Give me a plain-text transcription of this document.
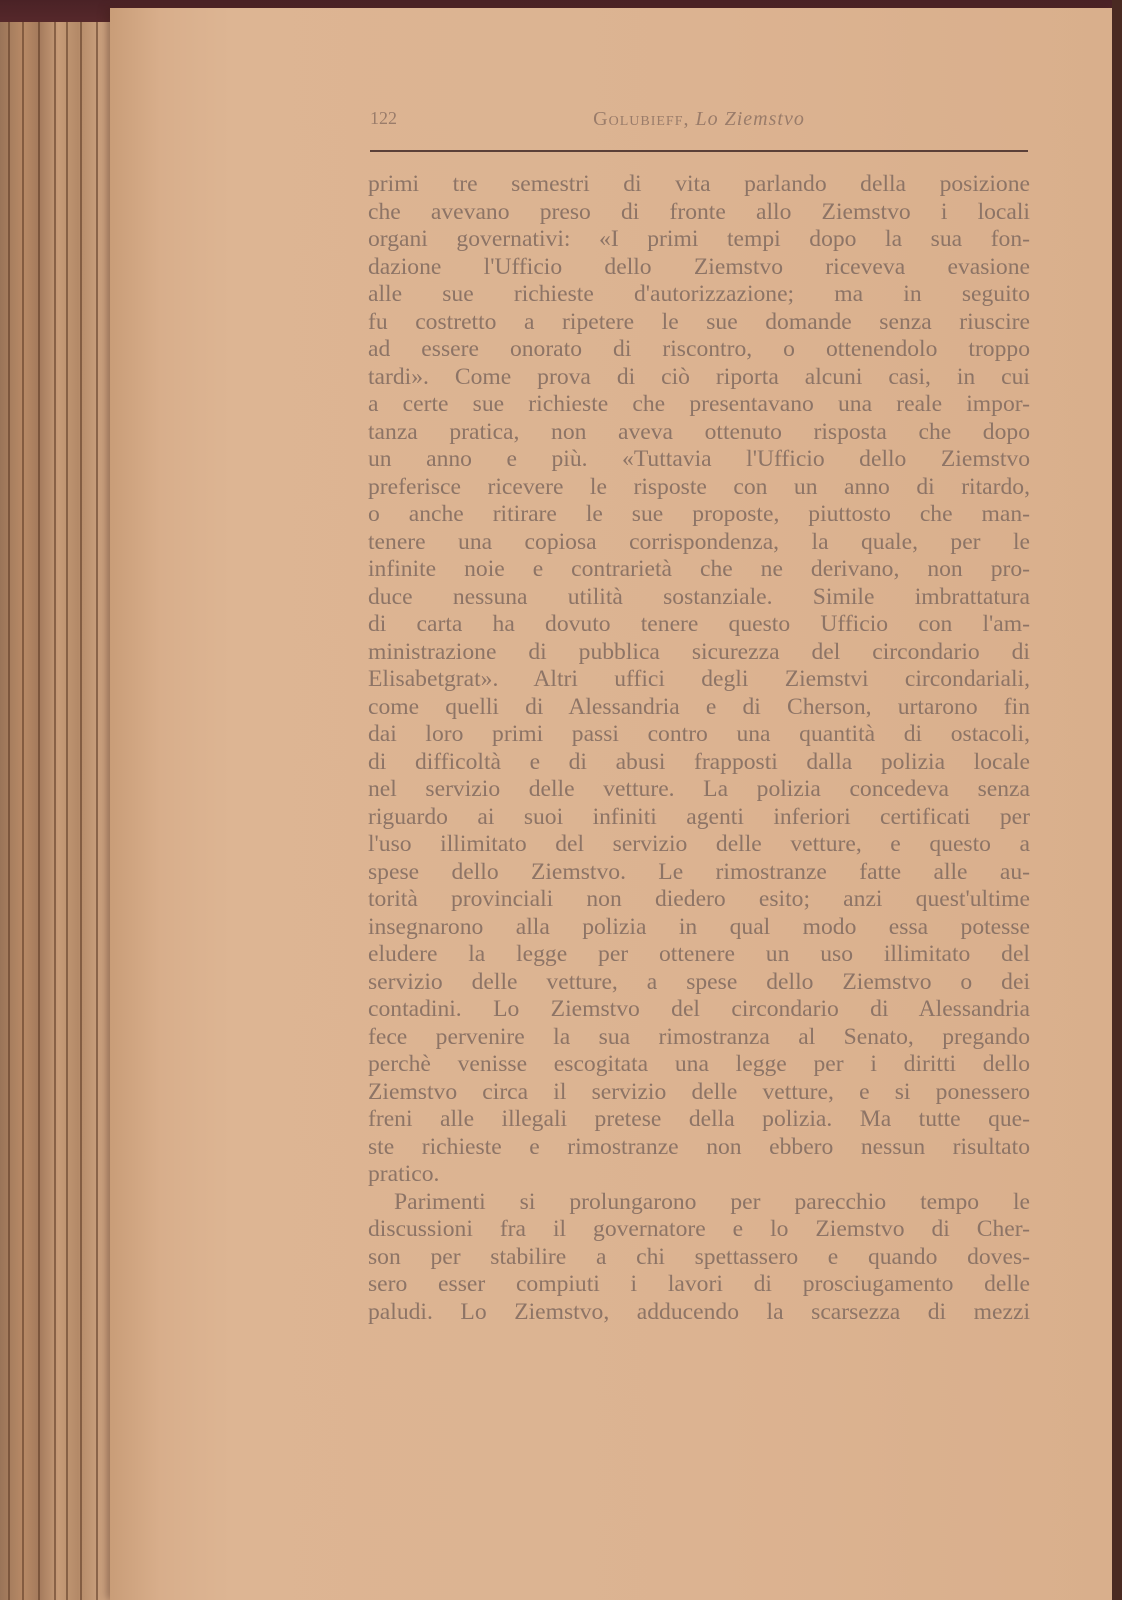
122	Golubieff, Lo Ziemstvo

primi tre semestri di vita parlando della posizione
che avevano preso di fronte allo Ziemstvo i locali
organi governativi: «I primi tempi dopo la sua fon-
dazione l'Ufficio dello Ziemstvo riceveva evasione
alle sue richieste d'autorizzazione; ma in seguito
fu costretto a ripetere le sue domande senza riuscire
ad essere onorato di riscontro, o ottenendolo troppo
tardi». Come prova di ciò riporta alcuni casi, in cui
a certe sue richieste che presentavano una reale impor-
tanza pratica, non aveva ottenuto risposta che dopo
un anno e più. «Tuttavia l'Ufficio dello Ziemstvo
preferisce ricevere le risposte con un anno di ritardo,
o anche ritirare le sue proposte, piuttosto che man-
tenere una copiosa corrispondenza, la quale, per le
infinite noie e contrarietà che ne derivano, non pro-
duce nessuna utilità sostanziale. Simile imbrattatura
di carta ha dovuto tenere questo Ufficio con l'am-
ministrazione di pubblica sicurezza del circondario di
Elisabetgrat». Altri uffici degli Ziemstvi circondariali,
come quelli di Alessandria e di Cherson, urtarono fin
dai loro primi passi contro una quantità di ostacoli,
di difficoltà e di abusi frapposti dalla polizia locale
nel servizio delle vetture. La polizia concedeva senza
riguardo ai suoi infiniti agenti inferiori certificati per
l'uso illimitato del servizio delle vetture, e questo a
spese dello Ziemstvo. Le rimostranze fatte alle au-
torità provinciali non diedero esito; anzi quest'ultime
insegnarono alla polizia in qual modo essa potesse
eludere la legge per ottenere un uso illimitato del
servizio delle vetture, a spese dello Ziemstvo o dei
contadini. Lo Ziemstvo del circondario di Alessandria
fece pervenire la sua rimostranza al Senato, pregando
perchè venisse escogitata una legge per i diritti dello
Ziemstvo circa il servizio delle vetture, e si ponessero
freni alle illegali pretese della polizia. Ma tutte que-
ste richieste e rimostranze non ebbero nessun risultato
pratico.

Parimenti si prolungarono per parecchio tempo le
discussioni fra il governatore e lo Ziemstvo di Cher-
son per stabilire a chi spettassero e quando doves-
sero esser compiuti i lavori di prosciugamento delle
paludi. Lo Ziemstvo, adducendo la scarsezza di mezzi
